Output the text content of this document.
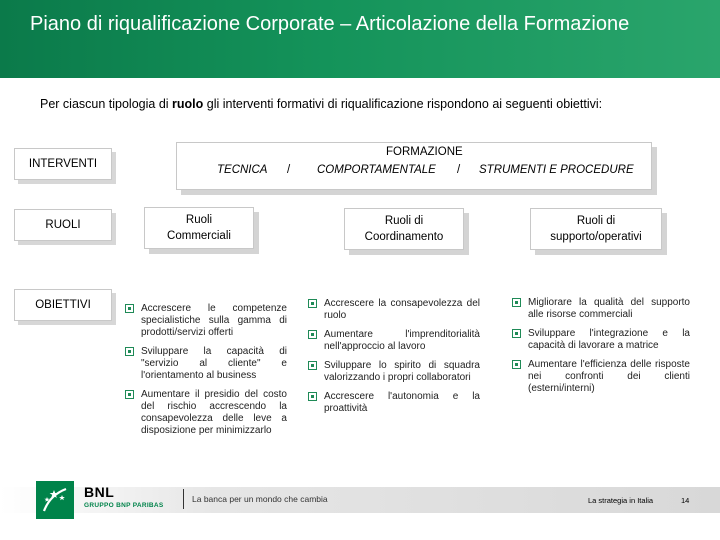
Piano di riqualificazione Corporate – Articolazione della Formazione
Per ciascun tipologia di ruolo gli interventi formativi di riqualificazione rispondono ai seguenti obiettivi:
INTERVENTI
RUOLI
OBIETTIVI
FORMAZIONE
TECNICA / COMPORTAMENTALE / STRUMENTI E PROCEDURE
Ruoli
Commerciali
Ruoli di
Coordinamento
Ruoli di
supporto/operativi
Accrescere le competenze specialistiche sulla gamma di prodotti/servizi offerti
Sviluppare la capacità di "servizio al cliente" e l'orientamento al business
Aumentare il presidio del costo del rischio accrescendo la consapevolezza delle leve a disposizione per minimizzarlo
Accrescere la consapevolezza del ruolo
Aumentare l'imprenditorialità nell'approccio al lavoro
Sviluppare lo spirito di squadra valorizzando i propri collaboratori
Accrescere l'autonomia e la proattività
Migliorare la qualità del supporto alle risorse commerciali
Sviluppare l'integrazione e la capacità di lavorare a matrice
Aumentare l'efficienza delle risposte nei confronti dei clienti (esterni/interni)
BNL
GRUPPO BNP PARIBAS
La banca per un mondo che cambia	La strategia in Italia	14
